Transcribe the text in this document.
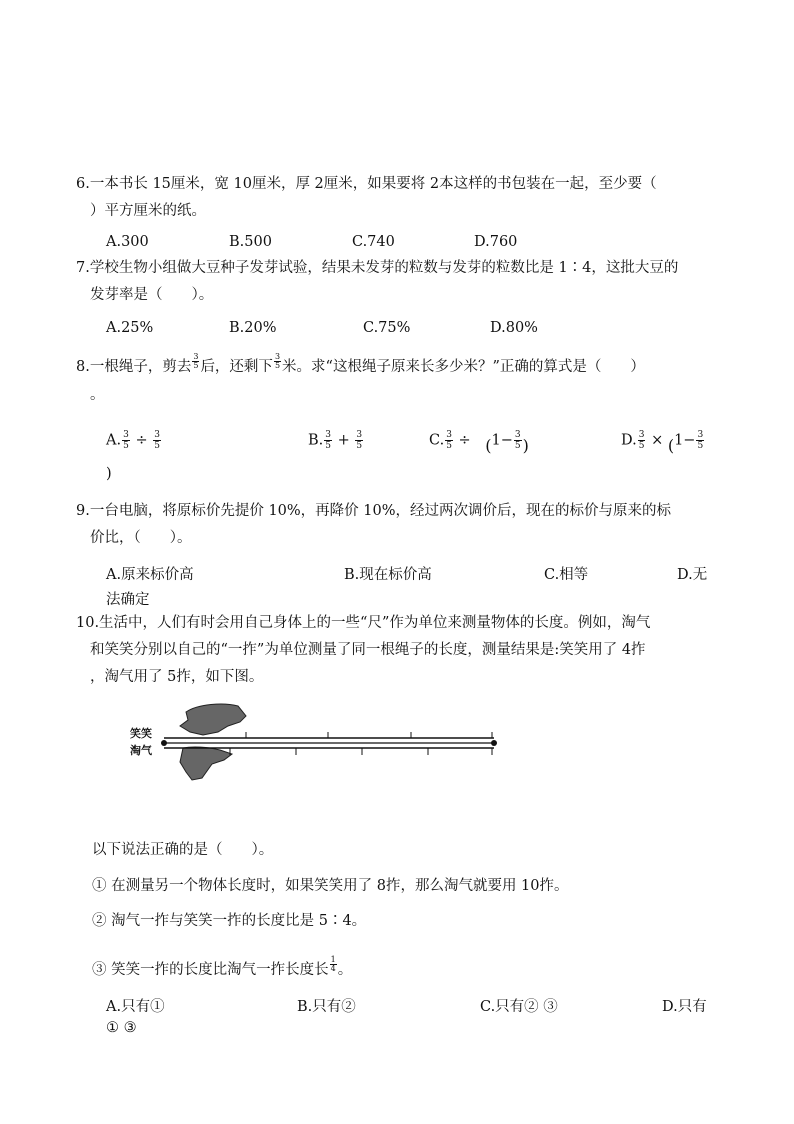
6.一本书长 15厘米，宽 10厘米，厚 2厘米，如果要将 2本这样的书包装在一起，至少要（
）平方厘米的纸。
A.300	B.500	C.740	D.760
7.学校生物小组做大豆种子发芽试验，结果未发芽的粒数与发芽的粒数比是 1∶4，这批大豆的
发芽率是（　　）。
A.25%	B.20%	C.75%	D.80%
8.一根绳子，剪去 $\frac{3}{5}$ 后，还剩下 $\frac{3}{5}$ 米。求“这根绳子原来长多少米？”正确的算式是（　　）
。
A. $\frac{3}{5} \div \frac{3}{5}$	B. $\frac{3}{5} + \frac{3}{5}$	C. $\frac{3}{5} \div (1- \frac{3}{5}$ )	D. $\frac{3}{5} \times (1- \frac{3}{5}$
)
9.一台电脑，将原标价先提价 10%，再降价 10%，经过两次调价后，现在的标价与原来的标
价比，（　　）。
A.原来标价高	B.现在标价高	C.相等	D.无
法确定
10.生活中，人们有时会用自己身体上的一些“尺”作为单位来测量物体的长度。例如，淘气
和笑笑分别以自己的“一拃”为单位测量了同一根绳子的长度，测量结果是:笑笑用了 4拃
，淘气用了 5拃，如下图。
笑笑
淘气
以下说法正确的是（　　）。
① 在测量另一个物体长度时，如果笑笑用了 8拃，那么淘气就要用 10拃。
② 淘气一拃与笑笑一拃的长度比是 5∶4。
③ 笑笑一拃的长度比淘气一拃长度长 $\frac{1}{4}$ 。
A.只有①	B.只有②	C.只有② ③	D.只有
① ③
